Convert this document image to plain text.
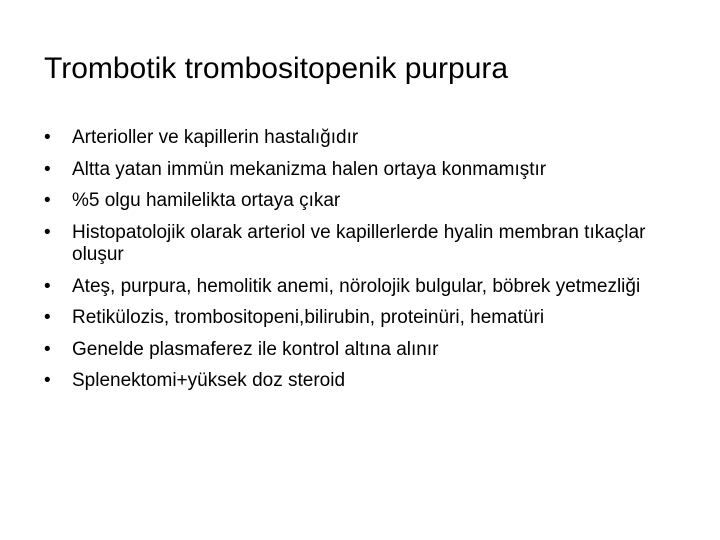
Trombotik trombositopenik purpura
•	Arterioller ve kapillerin hastalığıdır
•	Altta yatan immün mekanizma halen ortaya konmamıştır
•	%5 olgu hamilelikta ortaya çıkar
•	Histopatolojik olarak arteriol ve kapillerlerde hyalin membran tıkaçlar oluşur
•	Ateş, purpura, hemolitik anemi, nörolojik bulgular, böbrek yetmezliği
•	Retikülozis, trombositopeni,bilirubin, proteinüri, hematüri
•	Genelde plasmaferez ile kontrol altına alınır
•	Splenektomi+yüksek doz steroid
